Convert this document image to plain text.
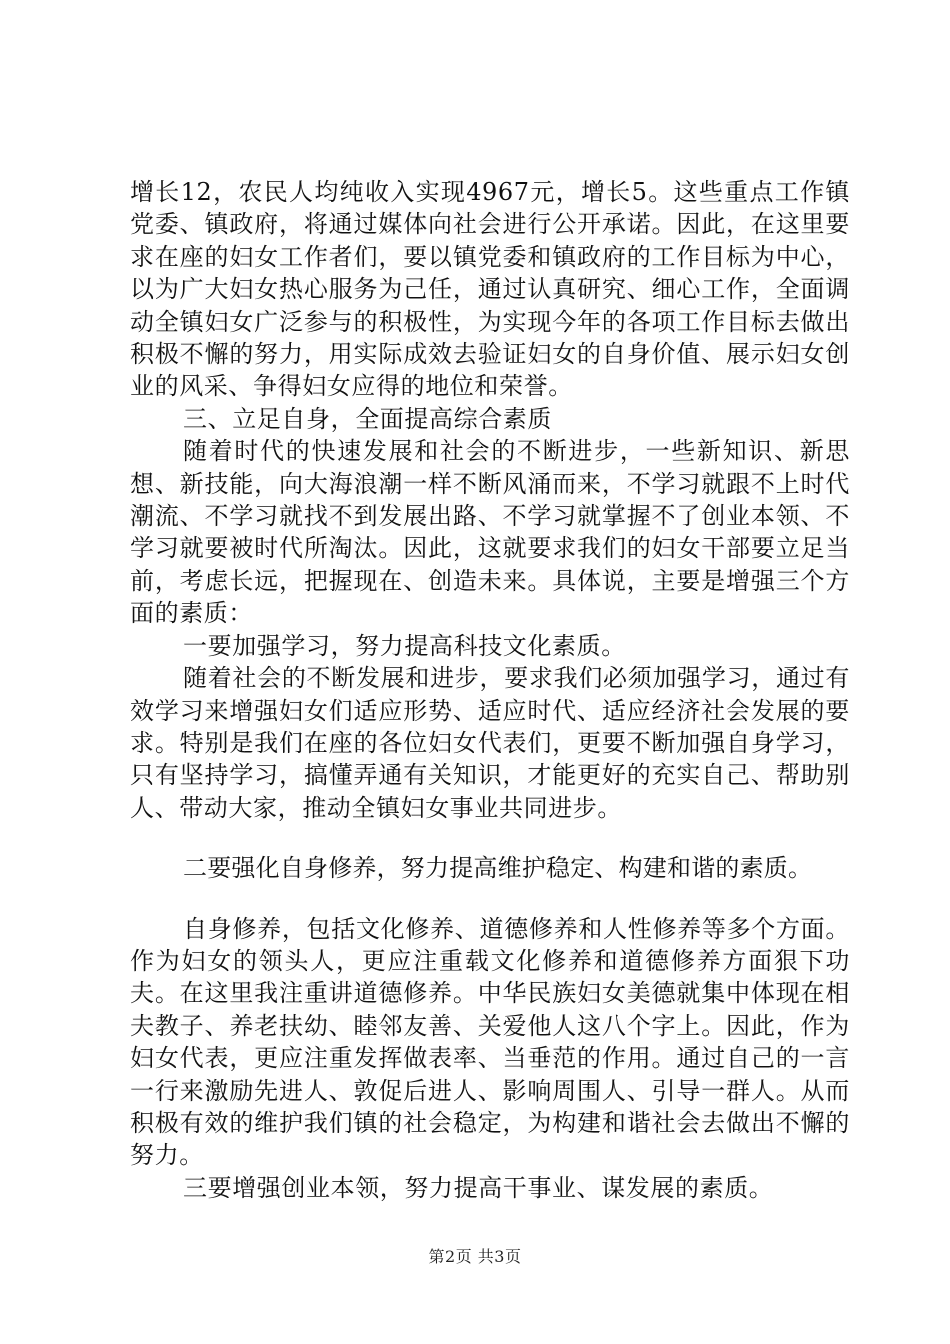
增长12，农民人均纯收入实现4967元，增长5。这些重点工作镇党委、镇政府，将通过媒体向社会进行公开承诺。因此，在这里要求在座的妇女工作者们，要以镇党委和镇政府的工作目标为中心，以为广大妇女热心服务为己任，通过认真研究、细心工作，全面调动全镇妇女广泛参与的积极性，为实现今年的各项工作目标去做出积极不懈的努力，用实际成效去验证妇女的自身价值、展示妇女创业的风采、争得妇女应得的地位和荣誉。

三、立足自身，全面提高综合素质

随着时代的快速发展和社会的不断进步，一些新知识、新思想、新技能，向大海浪潮一样不断风涌而来，不学习就跟不上时代潮流、不学习就找不到发展出路、不学习就掌握不了创业本领、不学习就要被时代所淘汰。因此，这就要求我们的妇女干部要立足当前，考虑长远，把握现在、创造未来。具体说，主要是增强三个方面的素质：

一要加强学习，努力提高科技文化素质。

随着社会的不断发展和进步，要求我们必须加强学习，通过有效学习来增强妇女们适应形势、适应时代、适应经济社会发展的要求。特别是我们在座的各位妇女代表们，更要不断加强自身学习，只有坚持学习，搞懂弄通有关知识，才能更好的充实自己、帮助别人、带动大家，推动全镇妇女事业共同进步。

二要强化自身修养，努力提高维护稳定、构建和谐的素质。

自身修养，包括文化修养、道德修养和人性修养等多个方面。作为妇女的领头人，更应注重载文化修养和道德修养方面狠下功夫。在这里我注重讲道德修养。中华民族妇女美德就集中体现在相夫教子、养老扶幼、睦邻友善、关爱他人这八个字上。因此，作为妇女代表，更应注重发挥做表率、当垂范的作用。通过自己的一言一行来激励先进人、敦促后进人、影响周围人、引导一群人。从而积极有效的维护我们镇的社会稳定，为构建和谐社会去做出不懈的努力。

三要增强创业本领，努力提高干事业、谋发展的素质。

第2页 共3页
